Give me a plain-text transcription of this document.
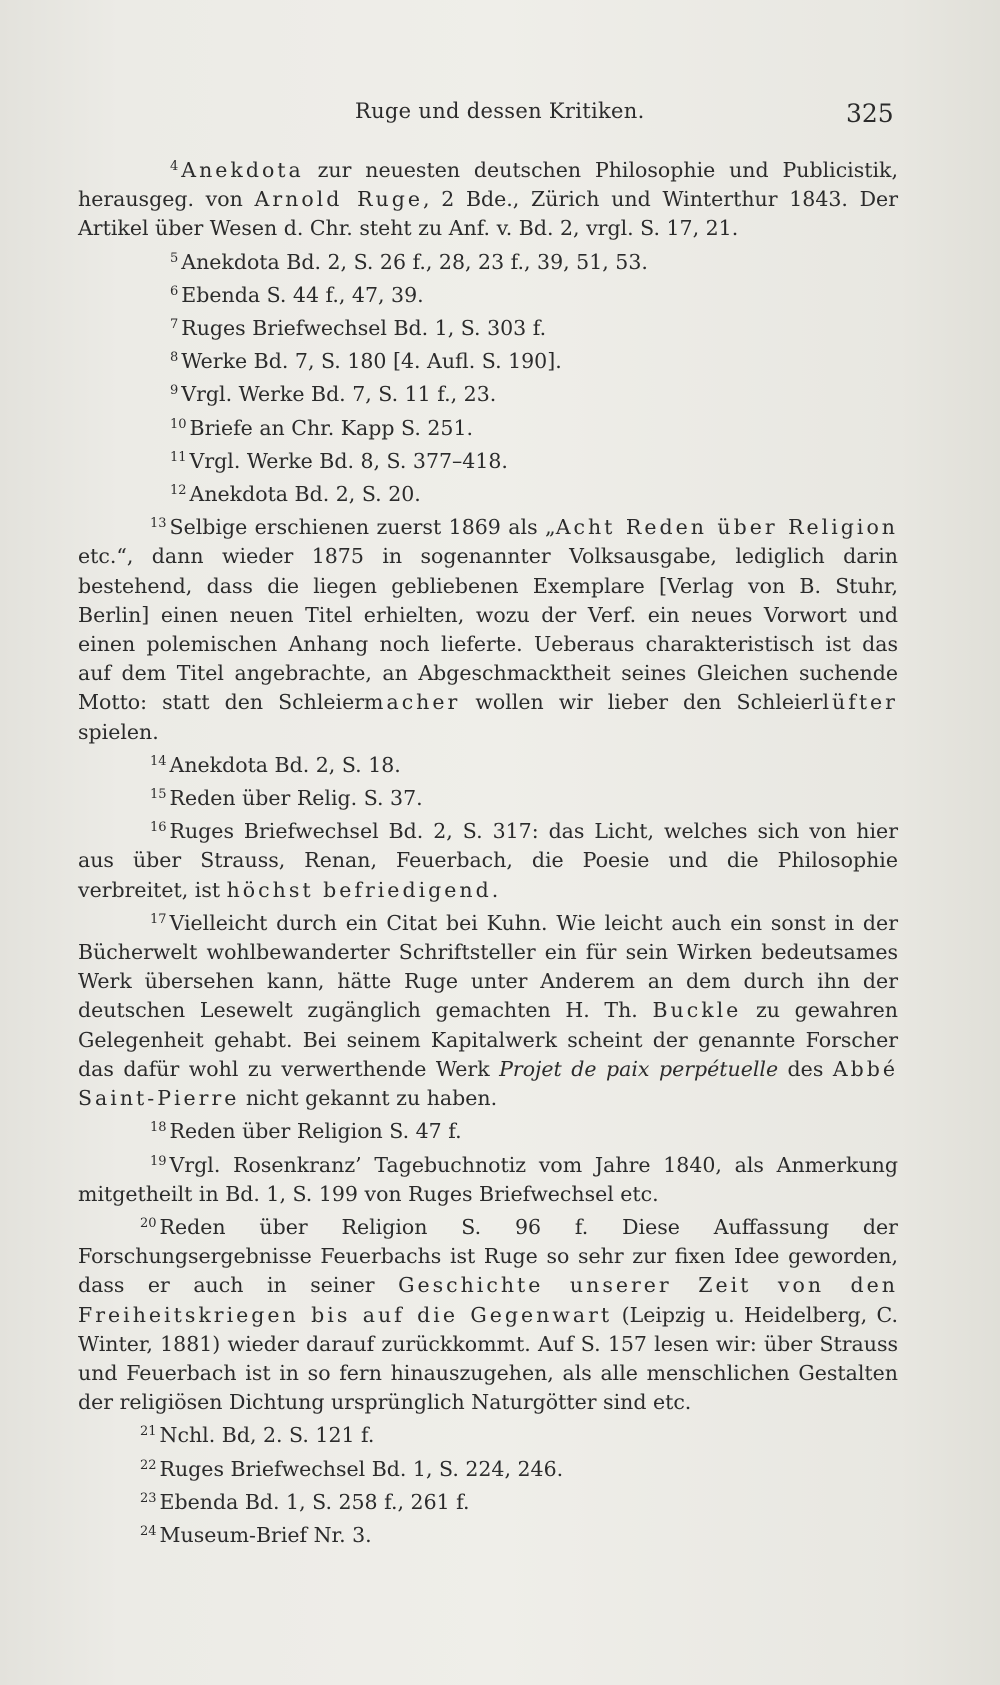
Ruge und dessen Kritiken.	325

$^4$ Anekdota zur neuesten deutschen Philosophie und Publicistik, herausgeg. von Arnold Ruge, 2 Bde., Zürich und Winterthur 1843. Der Artikel über Wesen d. Chr. steht zu Anf. v. Bd. 2, vrgl. S. 17, 21.

$^5$ Anekdota Bd. 2, S. 26 f., 28, 23 f., 39, 51, 53.

$^6$ Ebenda S. 44 f., 47, 39.

$^7$ Ruges Briefwechsel Bd. 1, S. 303 f.

$^8$ Werke Bd. 7, S. 180 [4. Aufl. S. 190].

$^9$ Vrgl. Werke Bd. 7, S. 11 f., 23.

$^{10}$ Briefe an Chr. Kapp S. 251.

$^{11}$ Vrgl. Werke Bd. 8, S. 377–418.

$^{12}$ Anekdota Bd. 2, S. 20.

$^{13}$ Selbige erschienen zuerst 1869 als „Acht Reden über Religion etc.“, dann wieder 1875 in sogenannter Volksausgabe, lediglich darin bestehend, dass die liegen gebliebenen Exemplare [Verlag von B. Stuhr, Berlin] einen neuen Titel erhielten, wozu der Verf. ein neues Vorwort und einen polemischen Anhang noch lieferte. Ueberaus charakteristisch ist das auf dem Titel angebrachte, an Abgeschmacktheit seines Gleichen suchende Motto: statt den Schleiermacher wollen wir lieber den Schleierlüfter spielen.

$^{14}$ Anekdota Bd. 2, S. 18.

$^{15}$ Reden über Relig. S. 37.

$^{16}$ Ruges Briefwechsel Bd. 2, S. 317: das Licht, welches sich von hier aus über Strauss, Renan, Feuerbach, die Poesie und die Philosophie verbreitet, ist höchst befriedigend.

$^{17}$ Vielleicht durch ein Citat bei Kuhn. Wie leicht auch ein sonst in der Bücherwelt wohlbewanderter Schriftsteller ein für sein Wirken bedeutsames Werk übersehen kann, hätte Ruge unter Anderem an dem durch ihn der deutschen Lesewelt zugänglich gemachten H. Th. Buckle zu gewahren Gelegenheit gehabt. Bei seinem Kapitalwerk scheint der genannte Forscher das dafür wohl zu verwerthende Werk Projet de paix perpétuelle des Abbé Saint-Pierre nicht gekannt zu haben.

$^{18}$ Reden über Religion S. 47 f.

$^{19}$ Vrgl. Rosenkranz’ Tagebuchnotiz vom Jahre 1840, als Anmerkung mitgetheilt in Bd. 1, S. 199 von Ruges Briefwechsel etc.

$^{20}$ Reden über Religion S. 96 f. Diese Auffassung der Forschungsergebnisse Feuerbachs ist Ruge so sehr zur fixen Idee geworden, dass er auch in seiner Geschichte unserer Zeit von den Freiheitskriegen bis auf die Gegenwart (Leipzig u. Heidelberg, C. Winter, 1881) wieder darauf zurückkommt. Auf S. 157 lesen wir: über Strauss und Feuerbach ist in so fern hinauszugehen, als alle menschlichen Gestalten der religiösen Dichtung ursprünglich Naturgötter sind etc.

$^{21}$ Nchl. Bd, 2. S. 121 f.

$^{22}$ Ruges Briefwechsel Bd. 1, S. 224, 246.

$^{23}$ Ebenda Bd. 1, S. 258 f., 261 f.

$^{24}$ Museum-Brief Nr. 3.
